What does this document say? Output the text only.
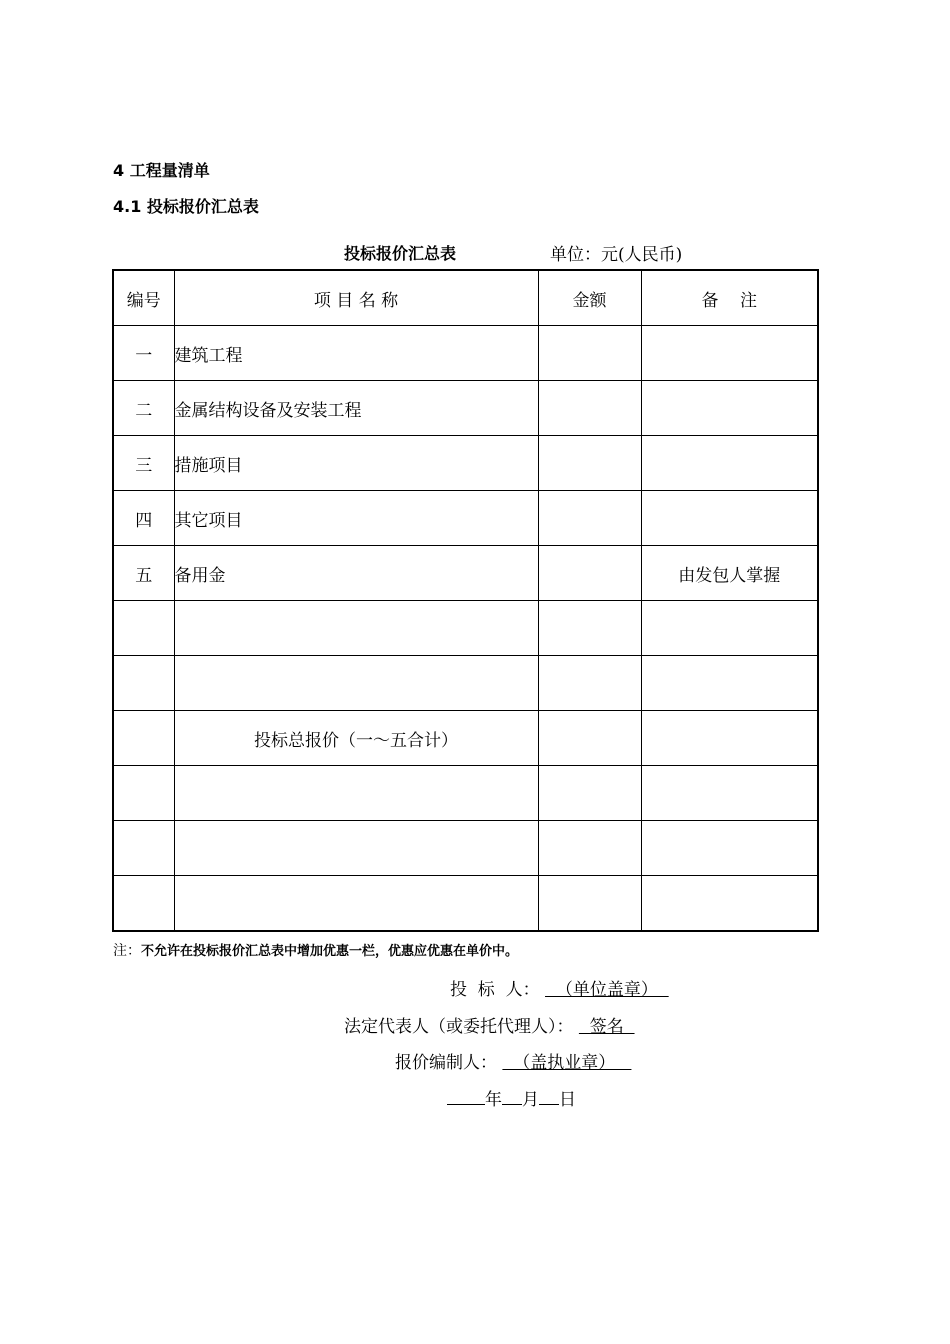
4 工程量清单
4.1 投标报价汇总表
投标报价汇总表	单位：元(人民币)
编号	项 目 名 称	金额	备    注
一	建筑工程		
二	金属结构设备及安装工程		
三	措施项目		
四	其它项目		
五	备用金		由发包人掌握

	投标总报价（一～五合计）		

注：不允许在投标报价汇总表中增加优惠一栏，优惠应优惠在单价中。
投  标  人：   （单位盖章）
法定代表人（或委托代理人）：   签名
报价编制人：   （盖执业章）
年 月 日
